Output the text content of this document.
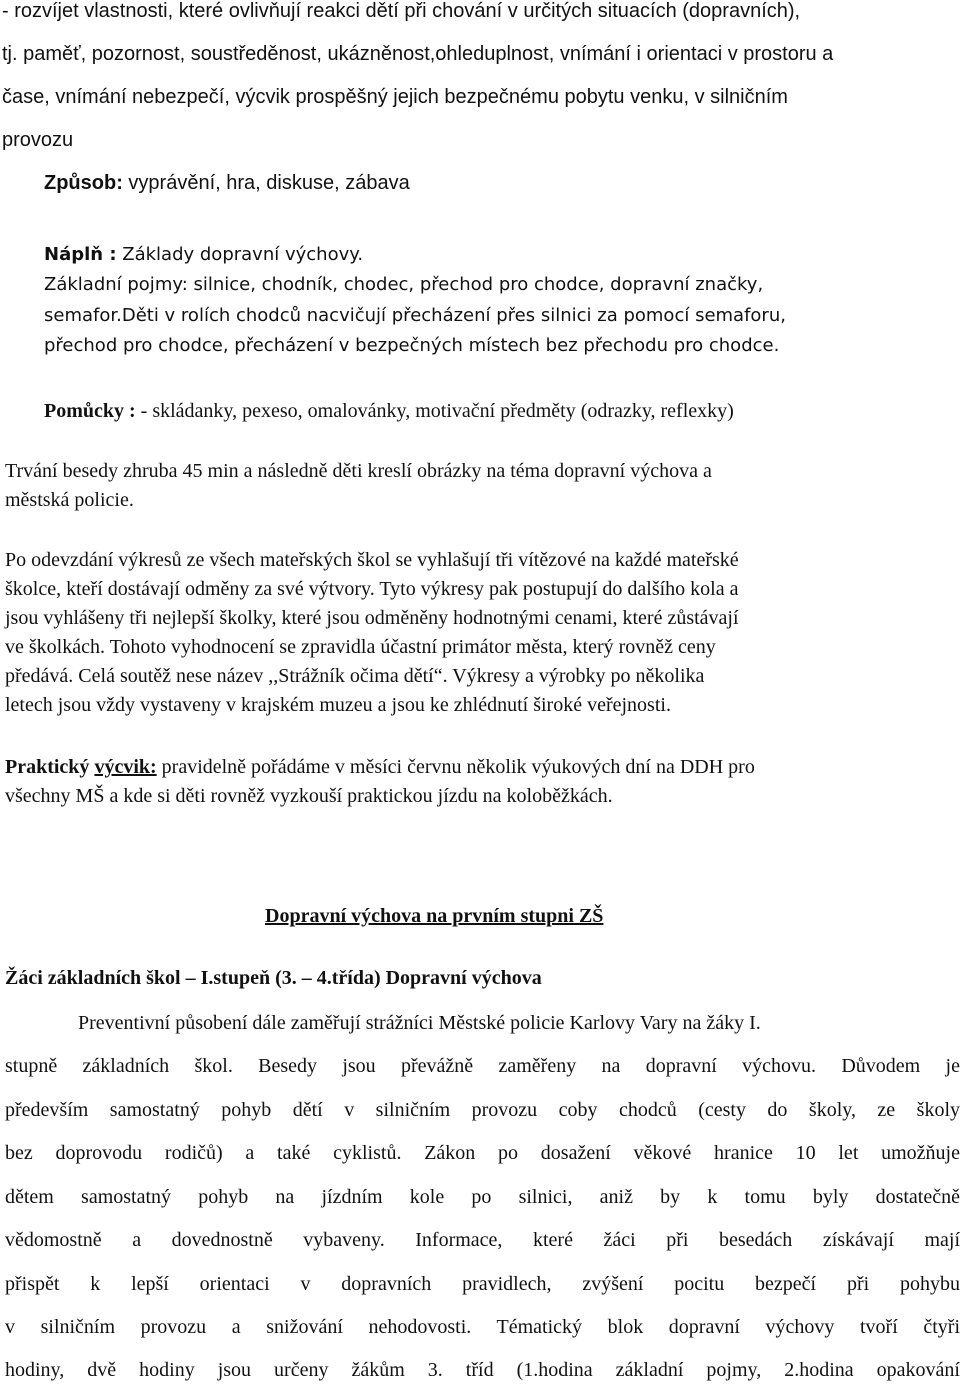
- rozvíjet vlastnosti, které ovlivňují reakci dětí při chování v určitých situacích (dopravních),

tj. paměť, pozornost, soustředěnost, ukázněnost,ohleduplnost, vnímání i orientaci v prostoru a

čase, vnímání nebezpečí, výcvik prospěšný jejich bezpečnému pobytu venku, v silničním

provozu

Způsob: vyprávění, hra, diskuse, zábava

Náplň : Základy dopravní výchovy.

Základní pojmy: silnice, chodník, chodec, přechod pro chodce, dopravní značky,

semafor.Děti v rolích chodců nacvičují přecházení přes silnici za pomocí semaforu,

přechod pro chodce, přecházení v bezpečných místech bez přechodu pro chodce.

Pomůcky : - skládanky, pexeso, omalovánky, motivační předměty (odrazky, reflexky)

Trvání besedy zhruba 45 min a následně děti kreslí obrázky na téma dopravní výchova a

městská policie.

Po odevzdání výkresů ze všech mateřských škol se vyhlašují tři vítězové na každé mateřské

školce, kteří dostávají odměny za své výtvory. Tyto výkresy pak postupují do dalšího kola a

jsou vyhlášeny tři nejlepší školky, které jsou odměněny hodnotnými cenami, které zůstávají

ve školkách. Tohoto vyhodnocení se zpravidla účastní primátor města, který rovněž ceny

předává. Celá soutěž nese název ,,Strážník očima dětí“. Výkresy a výrobky po několika

letech jsou vždy vystaveny v krajském muzeu a jsou ke zhlédnutí široké veřejnosti.

Praktický výcvik: pravidelně pořádáme v měsíci červnu několik výukových dní na DDH pro

všechny MŠ a kde si děti rovněž vyzkouší praktickou jízdu na koloběžkách.

Dopravní výchova na prvním stupni ZŠ

Žáci základních škol – I.stupeň (3. – 4.třída) Dopravní výchova

Preventivní působení dále zaměřují strážníci Městské policie Karlovy Vary na žáky I.

stupně základních škol. Besedy jsou převážně zaměřeny na dopravní výchovu. Důvodem je

především samostatný pohyb dětí v silničním provozu coby chodců (cesty do školy, ze školy

bez doprovodu rodičů) a také cyklistů. Zákon po dosažení věkové hranice 10 let umožňuje

dětem samostatný pohyb na jízdním kole po silnici, aniž by k tomu byly dostatečně

vědomostně a dovednostně vybaveny. Informace, které žáci při besedách získávají mají

přispět k lepší orientaci v dopravních pravidlech, zvýšení pocitu bezpečí při pohybu

v silničním provozu a snižování nehodovosti. Tématický blok dopravní výchovy tvoří čtyři

hodiny, dvě hodiny jsou určeny žákům 3. tříd (1.hodina základní pojmy, 2.hodina opakování
